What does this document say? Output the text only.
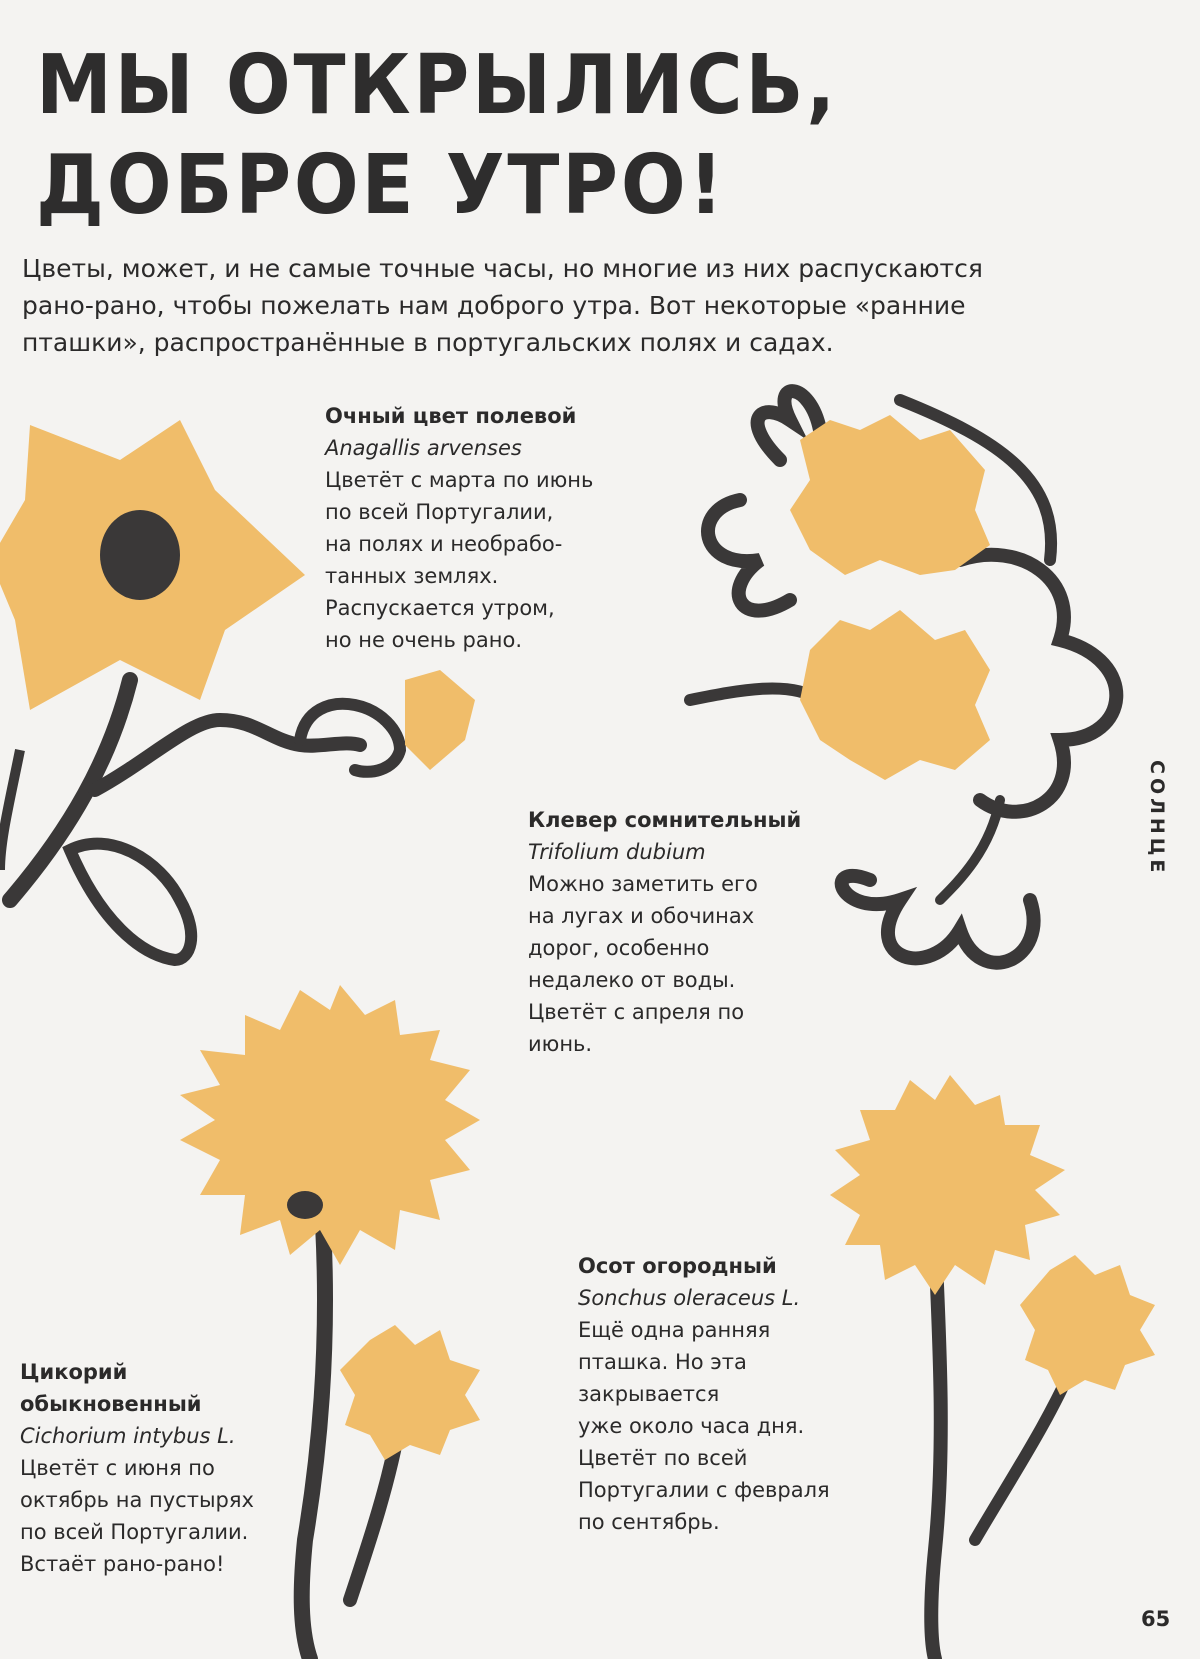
МЫ ОТКРЫЛИСЬ,
ДОБРОЕ УТРО!

Цветы, может, и не самые точные часы, но многие из них распускаются
рано-рано, чтобы пожелать нам доброго утра. Вот некоторые «ранние
пташки», распространённые в португальских полях и садах.

Очный цвет полевой
Anagallis arvenses
Цветёт с марта по июнь
по всей Португалии,
на полях и необрабо-
танных землях.
Распускается утром,
но не очень рано.
Клевер сомнительный
Trifolium dubium
Можно заметить его
на лугах и обочинах
дорог, особенно
недалеко от воды.
Цветёт с апреля по
июнь.
Осот огородный
Sonchus oleraceus L.
Ещё одна ранняя
пташка. Но эта
закрывается
уже около часа дня.
Цветёт по всей
Португалии с февраля
по сентябрь.
Цикорий
обыкновенный
Cichorium intybus L.
Цветёт с июня по
октябрь на пустырях
по всей Португалии.
Встаёт рано-рано!
СОЛНЦЕ
65
